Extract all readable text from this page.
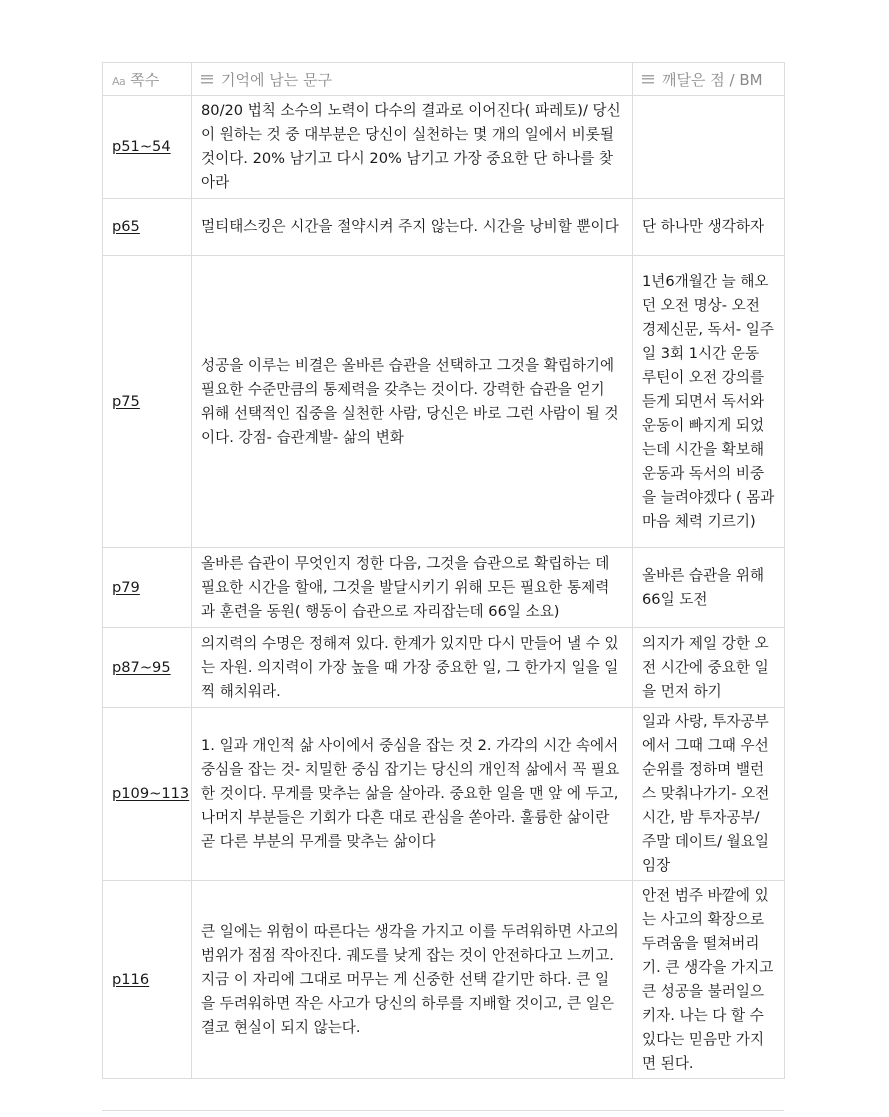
Aa 쪽수	기억에 남는 문구	깨달은 점 / BM
p51~54	80/20 법칙 소수의 노력이 다수의 결과로 이어진다( 파레토)/ 당신이 원하는 것 중 대부분은 당신이 실천하는 몇 개의 일에서 비롯될 것이다. 20% 남기고 다시 20% 남기고 가장 중요한 단 하나를 찾아라	
p65	멀티태스킹은 시간을 절약시켜 주지 않는다. 시간을 낭비할 뿐이다	단 하나만 생각하자
p75	성공을 이루는 비결은 올바른 습관을 선택하고 그것을 확립하기에 필요한 수준만큼의 통제력을 갖추는 것이다. 강력한 습관을 얻기 위해 선택적인 집중을 실천한 사람, 당신은 바로 그런 사람이 될 것이다. 강점- 습관계발- 삶의 변화	1년6개월간 늘 해오던 오전 명상- 오전 경제신문, 독서- 일주일 3회 1시간 운동 루틴이 오전 강의를 듣게 되면서 독서와 운동이 빠지게 되었는데 시간을 확보해 운동과 독서의 비중을 늘려야겠다 ( 몸과 마음 체력 기르기)
p79	올바른 습관이 무엇인지 정한 다음, 그것을 습관으로 확립하는 데 필요한 시간을 할애, 그것을 발달시키기 위해 모든 필요한 통제력과 훈련을 동원( 행동이 습관으로 자리잡는데 66일 소요)	올바른 습관을 위해 66일 도전
p87~95	의지력의 수명은 정해져 있다. 한계가 있지만 다시 만들어 낼 수 있는 자원. 의지력이 가장 높을 때 가장 중요한 일, 그 한가지 일을 일찍 해치워라.	의지가 제일 강한 오전 시간에 중요한 일을 먼저 하기
p109~113	1. 일과 개인적 삶 사이에서 중심을 잡는 것 2. 가각의 시간 속에서 중심을 잡는 것- 치밀한 중심 잡기는 당신의 개인적 삶에서 꼭 필요한 것이다. 무게를 맞추는 삶을 살아라. 중요한 일을 맨 앞 에 두고, 나머지 부분들은 기회가 다흔 대로 관심을 쏟아라. 훌륭한 삶이란 곧 다른 부분의 무게를 맞추는 삶이다	일과 사랑, 투자공부에서 그때 그때 우선순위를 정하며 밸런스 맞춰나가기- 오전 시간, 밤 투자공부/ 주말 데이트/ 월요일 임장
p116	큰 일에는 위험이 따른다는 생각을 가지고 이를 두려워하면 사고의 범위가 점점 작아진다. 궤도를 낮게 잡는 것이 안전하다고 느끼고. 지금 이 자리에 그대로 머무는 게 신중한 선택 같기만 하다. 큰 일을 두려워하면 작은 사고가 당신의 하루를 지배할 것이고, 큰 일은 결코 현실이 되지 않는다.	안전 범주 바깥에 있는 사고의 확장으로 두려움을 떨쳐버리기. 큰 생각을 가지고 큰 성공을 불러일으키자. 나는 다 할 수 있다는 믿음만 가지면 된다.
